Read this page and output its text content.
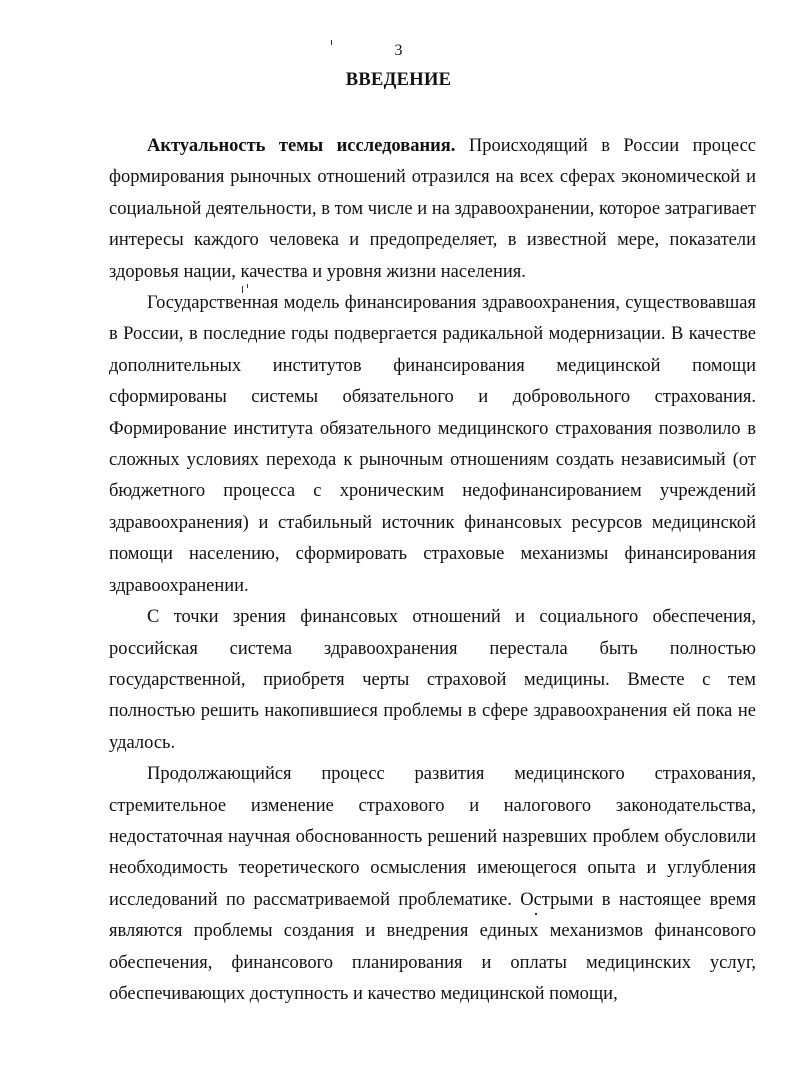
3
ВВЕДЕНИЕ

Актуальность темы исследования. Происходящий в России процесс формирования рыночных отношений отразился на всех сферах экономической и социальной деятельности, в том числе и на здравоохранении, которое затрагивает интересы каждого человека и предопределяет, в известной мере, показатели здоровья нации, качества и уровня жизни населения.

Государственная модель финансирования здравоохранения, существовавшая в России, в последние годы подвергается радикальной модернизации. В качестве дополнительных институтов финансирования медицинской помощи сформированы системы обязательного и добровольного страхования. Формирование института обязательного медицинского страхования позволило в сложных условиях перехода к рыночным отношениям создать независимый (от бюджетного процесса с хроническим недофинансированием учреждений здравоохранения) и стабильный источник финансовых ресурсов медицинской помощи населению, сформировать страховые механизмы финансирования здравоохранении.

С точки зрения финансовых отношений и социального обеспечения, российская система здравоохранения перестала быть полностью государственной, приобретя черты страховой медицины. Вместе с тем полностью решить накопившиеся проблемы в сфере здравоохранения ей пока не удалось.

Продолжающийся процесс развития медицинского страхования, стремительное изменение страхового и налогового законодательства, недостаточная научная обоснованность решений назревших проблем обусловили необходимость теоретического осмысления имеющегося опыта и углубления исследований по рассматриваемой проблематике. Острыми в настоящее время являются проблемы создания и внедрения единых механизмов финансового обеспечения, финансового планирования и оплаты медицинских услуг, обеспечивающих доступность и качество медицинской помощи,
